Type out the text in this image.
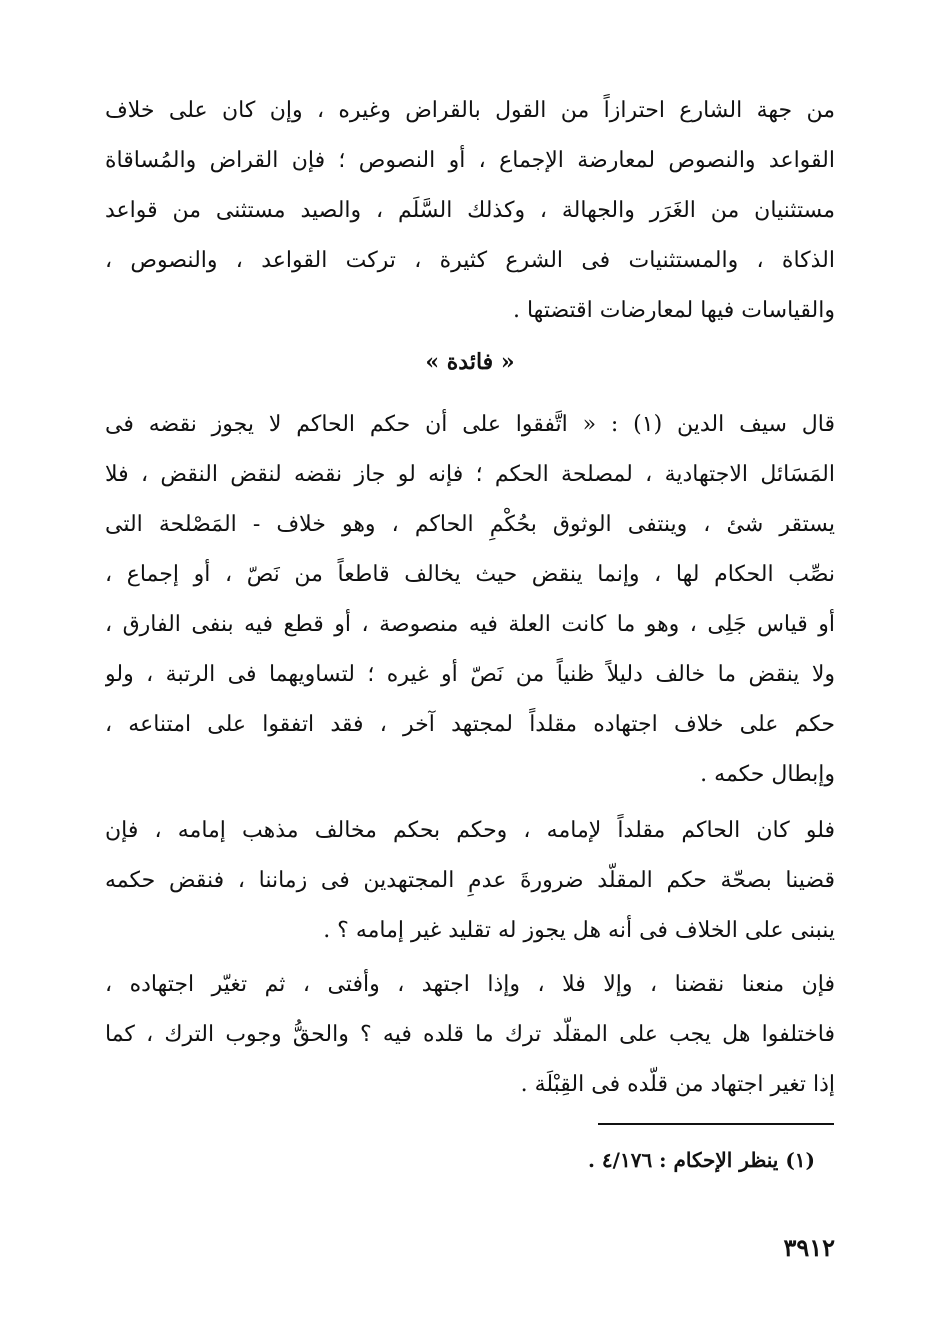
من جهة الشارع احترازاً من القول بالقراض وغيره ، وإن كان على خلاف
القواعد والنصوص لمعارضة الإجماع ، أو النصوص ؛ فإن القراض والمُساقاة
مستثنيان من الغَرَر والجهالة ، وكذلك السَّلَم ، والصيد مستثنى من قواعد
الذكاة ، والمستثنيات فى الشرع كثيرة ، تركت القواعد ، والنصوص ،
والقياسات فيها لمعارضات اقتضتها .
« فائدة »
قال سيف الدين (١) : « اتَّفقوا على أن حكم الحاكم لا يجوز نقضه فى
المَسَائل الاجتهادية ، لمصلحة الحكم ؛ فإنه لو جاز نقضه لنقض النقض ، فلا
يستقر شئ ، وينتفى الوثوق بحُكْمِ الحاكم ، وهو خلاف - المَصْلحة التى
نصِّب الحكام لها ، وإنما ينقض حيث يخالف قاطعاً من نَصّ ، أو إجماع ،
أو قياس جَلِى ، وهو ما كانت العلة فيه منصوصة ، أو قطع فيه بنفى الفارق ،
ولا ينقض ما خالف دليلاً ظنياً من نَصّ أو غيره ؛ لتساويهما فى الرتبة ، ولو
حكم على خلاف اجتهاده مقلداً لمجتهد آخر ، فقد اتفقوا على امتناعه ،
وإبطال حكمه .
فلو كان الحاكم مقلداً لإمامه ، وحكم بحكم مخالف مذهب إمامه ، فإن
قضينا بصحّة حكم المقلّد ضرورةَ عدمِ المجتهدين فى زماننا ، فنقض حكمه
ينبنى على الخلاف فى أنه هل يجوز له تقليد غير إمامه ؟ .
فإن منعنا نقضنا ، وإلا فلا ، وإذا اجتهد ، وأفتى ، ثم تغيّر اجتهاده ،
فاختلفوا هل يجب على المقلّد ترك ما قلده فيه ؟ والحقُّ وجوب الترك ، كما
إذا تغير اجتهاد من قلّده فى القِبْلَة .
(١) ينظر الإحكام : ٤/١٧٦ .
٣٩١٢
